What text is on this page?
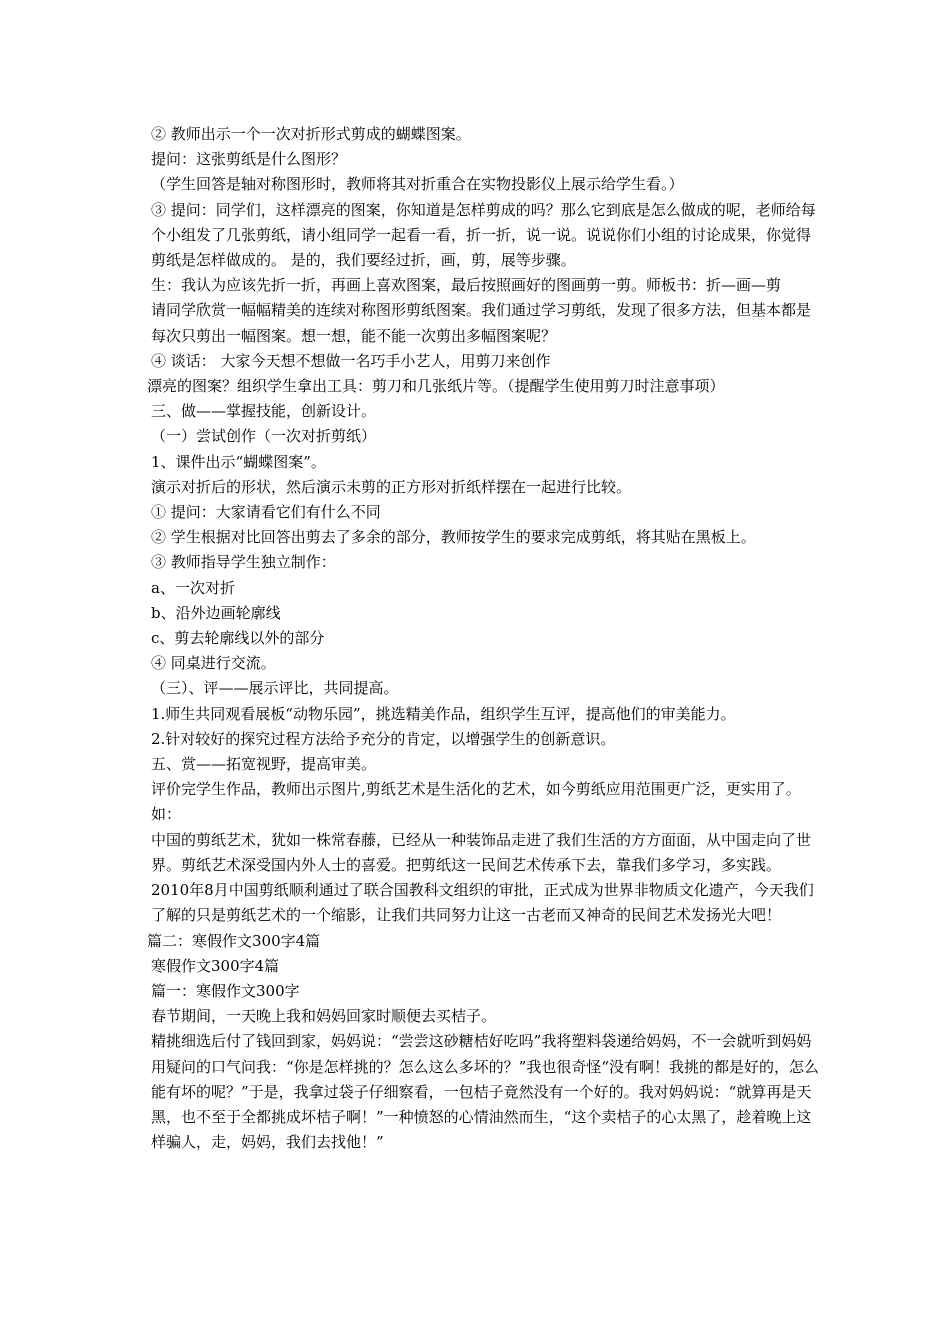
② 教师出示一个一次对折形式剪成的蝴蝶图案。

提问：这张剪纸是什么图形？

（学生回答是轴对称图形时，教师将其对折重合在实物投影仪上展示给学生看。）

③ 提问：同学们，这样漂亮的图案，你知道是怎样剪成的吗？那么它到底是怎么做成的呢，老师给每个小组发了几张剪纸，请小组同学一起看一看，折一折，说一说。说说你们小组的讨论成果，你觉得剪纸是怎样做成的。 是的，我们要经过折，画，剪，展等步骤。

生：我认为应该先折一折，再画上喜欢图案，最后按照画好的图画剪一剪。师板书：折—画—剪

请同学欣赏一幅幅精美的连续对称图形剪纸图案。我们通过学习剪纸，发现了很多方法，但基本都是每次只剪出一幅图案。想一想，能不能一次剪出多幅图案呢？

④ 谈话： 大家今天想不想做一名巧手小艺人，用剪刀来创作

漂亮的图案？组织学生拿出工具：剪刀和几张纸片等。（提醒学生使用剪刀时注意事项）

三、做——掌握技能，创新设计。

（一）尝试创作（一次对折剪纸）

1、课件出示“蝴蝶图案”。

演示对折后的形状，然后演示未剪的正方形对折纸样摆在一起进行比较。

① 提问：大家请看它们有什么不同

② 学生根据对比回答出剪去了多余的部分，教师按学生的要求完成剪纸，将其贴在黑板上。

③ 教师指导学生独立制作：

a、一次对折

b、沿外边画轮廓线

c、剪去轮廓线以外的部分

④ 同桌进行交流。

（三）、评——展示评比，共同提高。

1.师生共同观看展板“动物乐园”，挑选精美作品，组织学生互评，提高他们的审美能力。

2.针对较好的探究过程方法给予充分的肯定，以增强学生的创新意识。

五、赏——拓宽视野，提高审美。

评价完学生作品，教师出示图片,剪纸艺术是生活化的艺术，如今剪纸应用范围更广泛，更实用了。如：

中国的剪纸艺术，犹如一株常春藤，已经从一种装饰品走进了我们生活的方方面面，从中国走向了世界。剪纸艺术深受国内外人士的喜爱。把剪纸这一民间艺术传承下去，靠我们多学习，多实践。

2010年8月中国剪纸顺利通过了联合国教科文组织的审批，正式成为世界非物质文化遗产，今天我们了解的只是剪纸艺术的一个缩影，让我们共同努力让这一古老而又神奇的民间艺术发扬光大吧！

篇二：寒假作文300字4篇

寒假作文300字4篇

篇一：寒假作文300字

春节期间，一天晚上我和妈妈回家时顺便去买桔子。

精挑细选后付了钱回到家，妈妈说：“尝尝这砂糖桔好吃吗”我将塑料袋递给妈妈，不一会就听到妈妈用疑问的口气问我：“你是怎样挑的？怎么这么多坏的？”我也很奇怪“没有啊！我挑的都是好的，怎么能有坏的呢？”于是，我拿过袋子仔细察看，一包桔子竟然没有一个好的。我对妈妈说：“就算再是天黑，也不至于全都挑成坏桔子啊！”一种愤怒的心情油然而生，“这个卖桔子的心太黑了，趁着晚上这样骗人，走，妈妈，我们去找他！”
